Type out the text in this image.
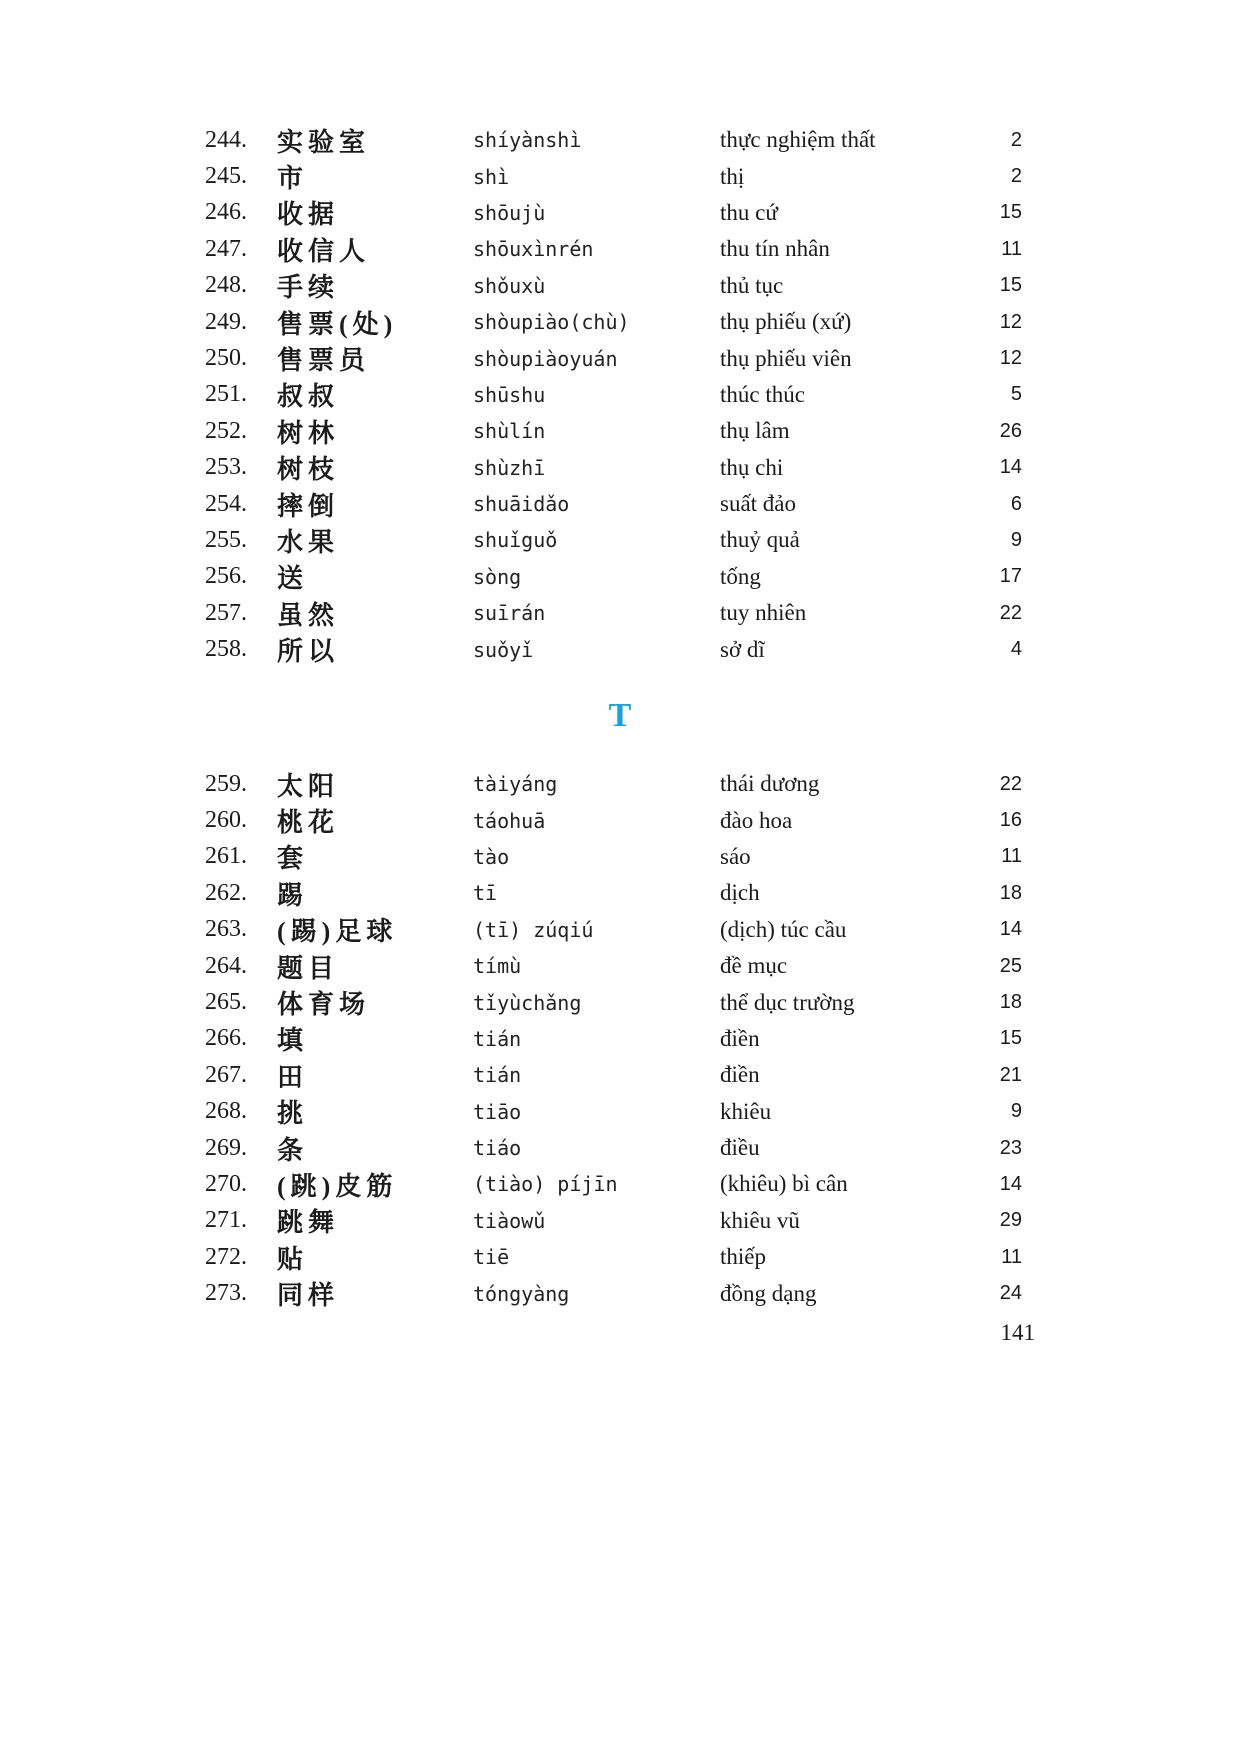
244.	实验室	shíyànshì	thực nghiệm thất	2
245.	市	shì	thị	2
246.	收据	shōujù	thu cứ	15
247.	收信人	shōuxìnrén	thu tín nhân	11
248.	手续	shǒuxù	thủ tục	15
249.	售票(处)	shòupiào(chù)	thụ phiếu (xứ)	12
250.	售票员	shòupiàoyuán	thụ phiếu viên	12
251.	叔叔	shūshu	thúc thúc	5
252.	树林	shùlín	thụ lâm	26
253.	树枝	shùzhī	thụ chi	14
254.	摔倒	shuāidǎo	suất đảo	6
255.	水果	shuǐguǒ	thuỷ quả	9
256.	送	sòng	tống	17
257.	虽然	suīrán	tuy nhiên	22
258.	所以	suǒyǐ	sở dĩ	4
T
259.	太阳	tàiyáng	thái dương	22
260.	桃花	táohuā	đào hoa	16
261.	套	tào	sáo	11
262.	踢	tī	dịch	18
263.	(踢)足球	(tī) zúqiú	(dịch) túc cầu	14
264.	题目	tímù	đề mục	25
265.	体育场	tǐyùchǎng	thể dục trường	18
266.	填	tián	điền	15
267.	田	tián	điền	21
268.	挑	tiāo	khiêu	9
269.	条	tiáo	điều	23
270.	(跳)皮筋	(tiào) píjīn	(khiêu) bì cân	14
271.	跳舞	tiàowǔ	khiêu vũ	29
272.	贴	tiē	thiếp	11
273.	同样	tóngyàng	đồng dạng	24
141
